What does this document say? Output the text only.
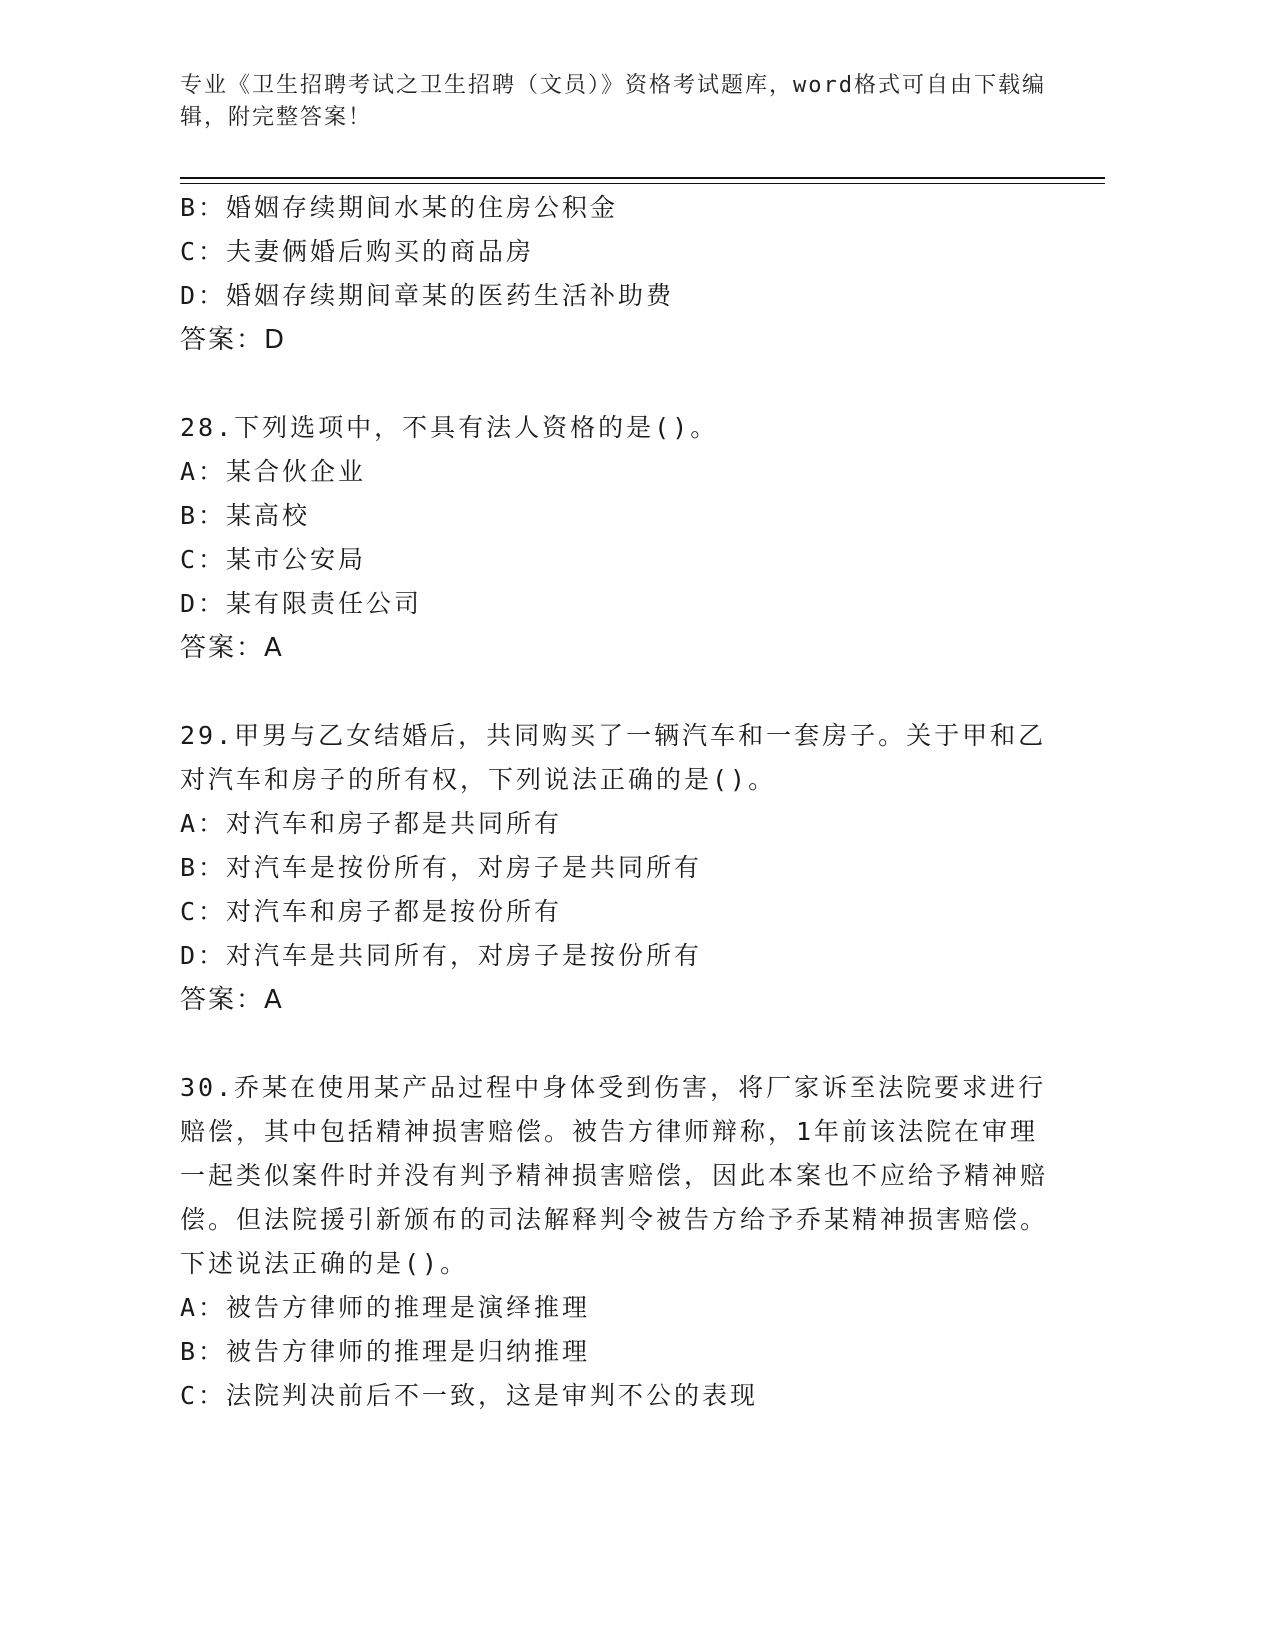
专业《卫生招聘考试之卫生招聘（文员）》资格考试题库，word格式可自由下载编辑，附完整答案！
B：婚姻存续期间水某的住房公积金
C：夫妻俩婚后购买的商品房
D：婚姻存续期间章某的医药生活补助费
答案：D
28.下列选项中，不具有法人资格的是()。
A：某合伙企业
B：某高校
C：某市公安局
D：某有限责任公司
答案：A
29.甲男与乙女结婚后，共同购买了一辆汽车和一套房子。关于甲和乙对汽车和房子的所有权，下列说法正确的是()。
A：对汽车和房子都是共同所有
B：对汽车是按份所有，对房子是共同所有
C：对汽车和房子都是按份所有
D：对汽车是共同所有，对房子是按份所有
答案：A
30.乔某在使用某产品过程中身体受到伤害，将厂家诉至法院要求进行赔偿，其中包括精神损害赔偿。被告方律师辩称，1年前该法院在审理一起类似案件时并没有判予精神损害赔偿，因此本案也不应给予精神赔偿。但法院援引新颁布的司法解释判令被告方给予乔某精神损害赔偿。下述说法正确的是()。
A：被告方律师的推理是演绎推理
B：被告方律师的推理是归纳推理
C：法院判决前后不一致，这是审判不公的表现
